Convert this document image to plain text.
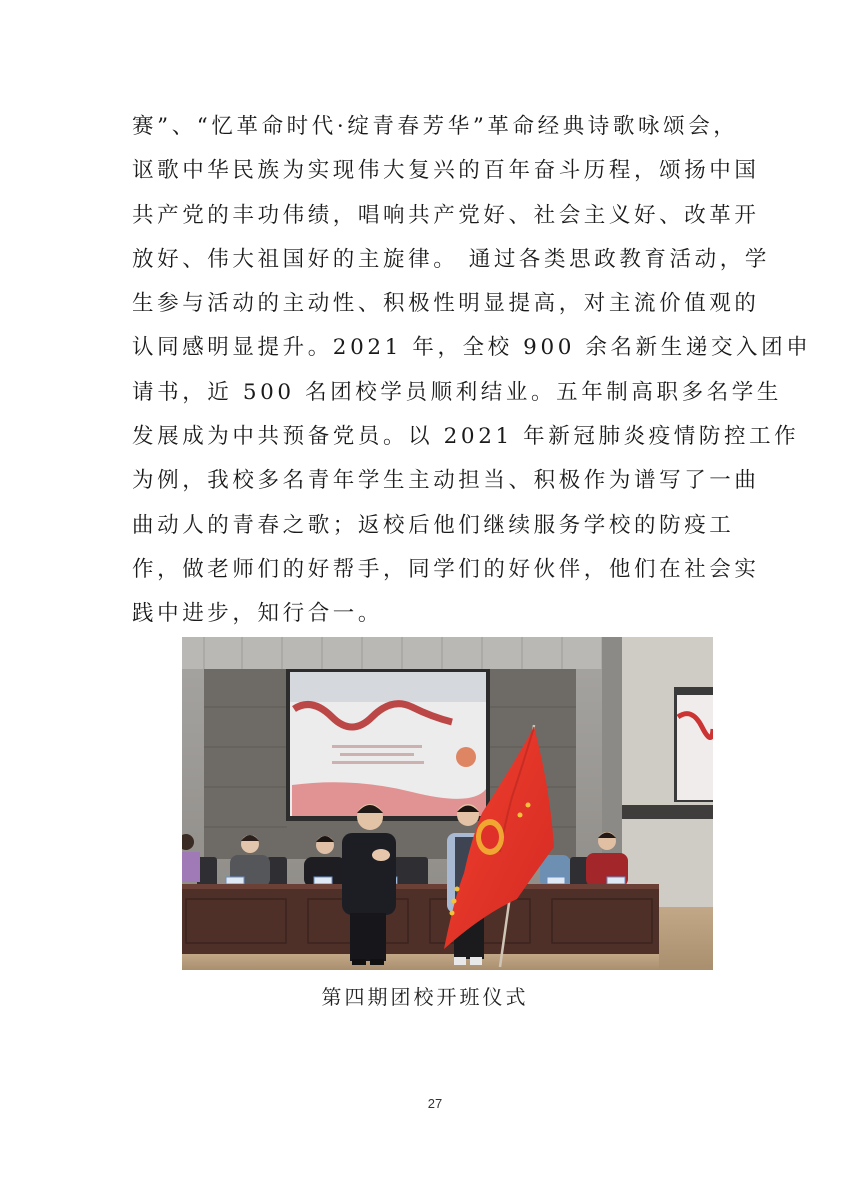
赛”、“忆革命时代·绽青春芳华”革命经典诗歌咏颂会，
讴歌中华民族为实现伟大复兴的百年奋斗历程，颂扬中国
共产党的丰功伟绩，唱响共产党好、社会主义好、改革开
放好、伟大祖国好的主旋律。 通过各类思政教育活动，学
生参与活动的主动性、积极性明显提高，对主流价值观的
认同感明显提升。2021 年，全校 900 余名新生递交入团申
请书，近 500 名团校学员顺利结业。五年制高职多名学生
发展成为中共预备党员。以 2021 年新冠肺炎疫情防控工作
为例，我校多名青年学生主动担当、积极作为谱写了一曲
曲动人的青春之歌；返校后他们继续服务学校的防疫工
作，做老师们的好帮手，同学们的好伙伴，他们在社会实
践中进步，知行合一。
第四期团校开班仪式
27
